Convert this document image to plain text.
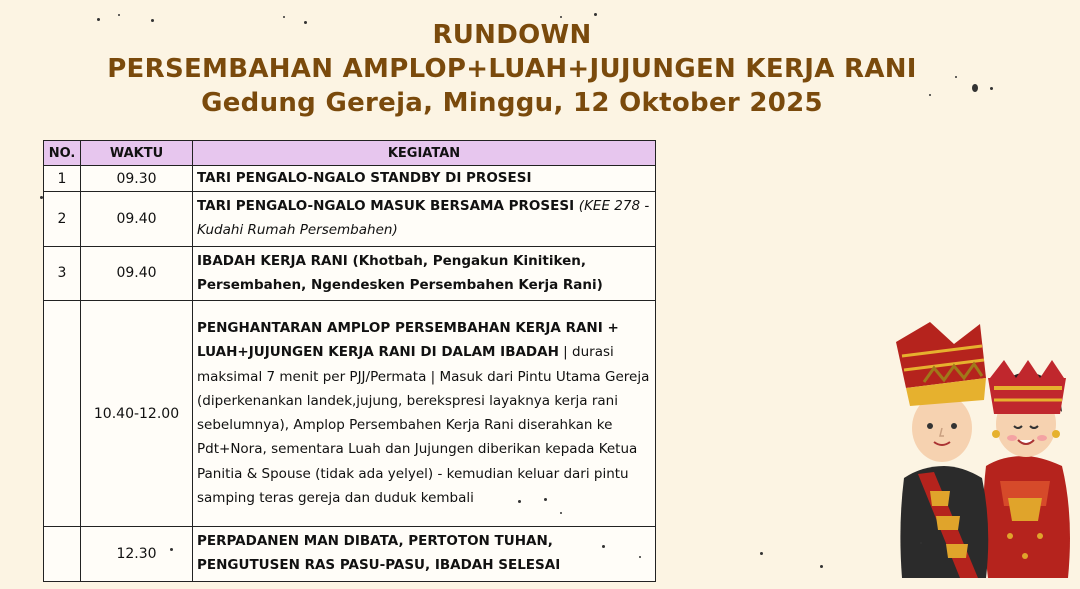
RUNDOWN
PERSEMBAHAN AMPLOP+LUAH+JUJUNGEN KERJA RANI
Gedung Gereja, Minggu, 12 Oktober 2025
NO.	WAKTU	KEGIATAN
1	09.30	TARI PENGALO-NGALO STANDBY DI PROSESI
2	09.40	TARI PENGALO-NGALO MASUK BERSAMA PROSESI (KEE 278 - Kudahi Rumah Persembahen)
3	09.40	IBADAH KERJA RANI (Khotbah, Pengakun Kinitiken, Persembahen, Ngendesken Persembahen Kerja Rani)
	10.40-12.00	PENGHANTARAN AMPLOP PERSEMBAHAN KERJA RANI + LUAH+JUJUNGEN KERJA RANI DI DALAM IBADAH | durasi maksimal 7 menit per PJJ/Permata | Masuk dari Pintu Utama Gereja (diperkenankan landek,jujung, berekspresi layaknya kerja rani sebelumnya), Amplop Persembahen Kerja Rani diserahkan ke Pdt+Nora, sementara Luah dan Jujungen diberikan kepada Ketua Panitia & Spouse (tidak ada yelyel) - kemudian keluar dari pintu samping teras gereja dan duduk kembali
	12.30	PERPADANEN MAN DIBATA, PERTOTON TUHAN, PENGUTUSEN RAS PASU-PASU, IBADAH SELESAI
